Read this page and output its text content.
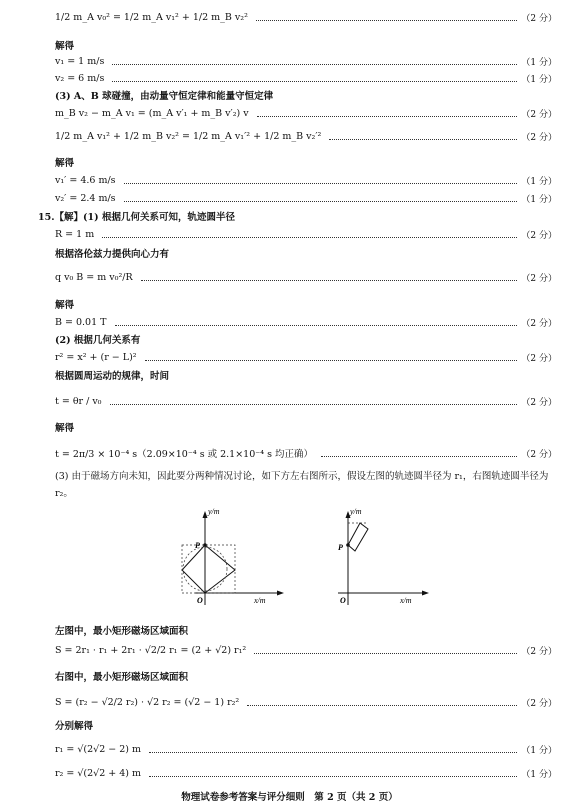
1/2 m_A v₀² = 1/2 m_A v₁² + 1/2 m_B v₂²	（2 分）
解得
v₁ = 1 m/s	（1 分）
v₂ = 6 m/s	（1 分）
(3) A、B 球碰撞，由动量守恒定律和能量守恒定律
m_B v₂ − m_A v₁ = (m_A v′₁ + m_B v′₂) v	（2 分）
1/2 m_A v₁² + 1/2 m_B v₂² = 1/2 m_A v₁′² + 1/2 m_B v₂′²	（2 分）
解得
v₁′ = 4.6 m/s	（1 分）
v₂′ = 2.4 m/s	（1 分）
15.【解】(1) 根据几何关系可知，轨迹圆半径
R = 1 m	（2 分）
根据洛伦兹力提供向心力有
q v₀ B = m v₀²/R	（2 分）
解得
B = 0.01 T	（2 分）
(2) 根据几何关系有
r² = x² + (r − L)²	（2 分）
根据圆周运动的规律，时间
t = θr / v₀	（2 分）
解得
t = 2π/3 × 10⁻⁴ s（2.09×10⁻⁴ s 或 2.1×10⁻⁴ s 均正确）	（2 分）
(3) 由于磁场方向未知，因此要分两种情况讨论，如下方左右图所示，假设左图的轨迹圆半径为 r₁，右图轨迹圆半径为 r₂。
y/m
P
O	x/m
y/m
P
O	x/m
左图中，最小矩形磁场区域面积
S = 2r₁ · r₁ + 2r₁ · √2/2 r₁ = (2 + √2) r₁²	（2 分）
右图中，最小矩形磁场区域面积
S = (r₂ − √2/2 r₂) · √2 r₂ = (√2 − 1) r₂²	（2 分）
分别解得
r₁ = √(2√2 − 2) m	（1 分）
r₂ = √(2√2 + 4) m	（1 分）
物理试卷参考答案与评分细则　第 2 页（共 2 页）
